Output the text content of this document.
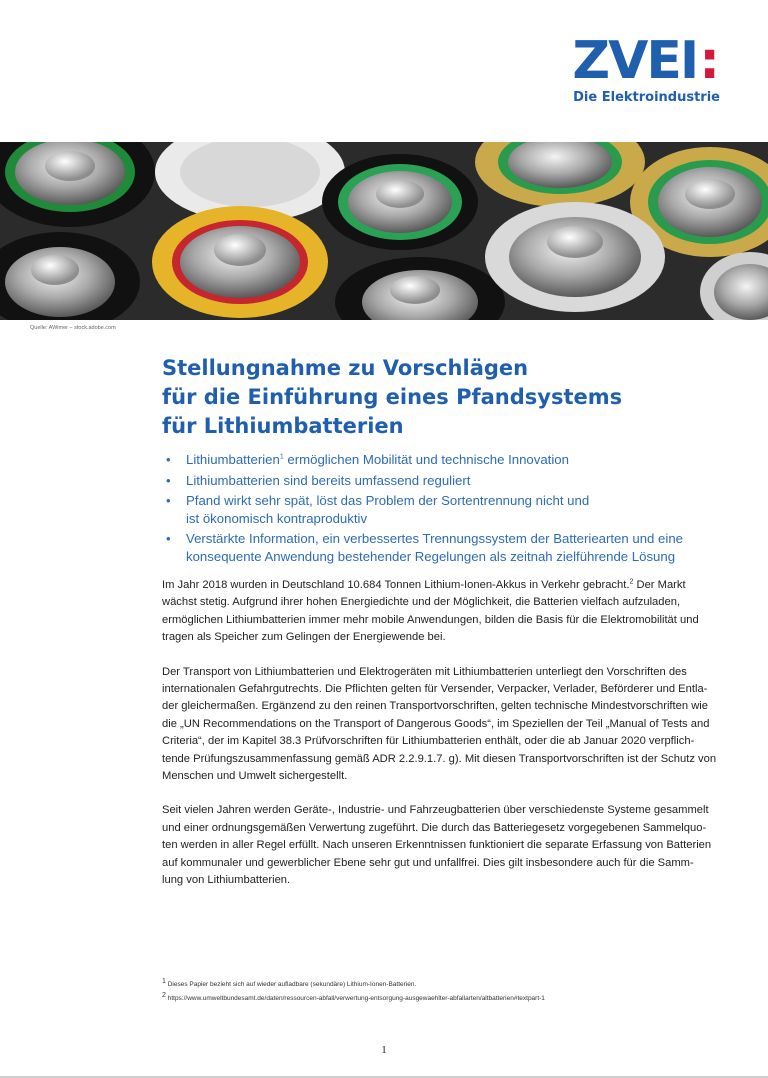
ZVEI :
Die Elektroindustrie
Quelle: AWimer – stock.adobe.com
Stellungnahme zu Vorschlägen
für die Einführung eines Pfandsystems
für Lithiumbatterien
• Lithiumbatterien$^1$ ermöglichen Mobilität und technische Innovation
• Lithiumbatterien sind bereits umfassend reguliert
• Pfand wirkt sehr spät, löst das Problem der Sortentrennung nicht und
ist ökonomisch kontraproduktiv
• Verstärkte Information, ein verbessertes Trennungssystem der Batteriearten und eine
konsequente Anwendung bestehender Regelungen als zeitnah zielführende Lösung
Im Jahr 2018 wurden in Deutschland 10.684 Tonnen Lithium-Ionen-Akkus in Verkehr gebracht.$^2$ Der Markt
wächst stetig. Aufgrund ihrer hohen Energiedichte und der Möglichkeit, die Batterien vielfach aufzuladen,
ermöglichen Lithiumbatterien immer mehr mobile Anwendungen, bilden die Basis für die Elektromobilität und
tragen als Speicher zum Gelingen der Energiewende bei.
Der Transport von Lithiumbatterien und Elektrogeräten mit Lithiumbatterien unterliegt den Vorschriften des
internationalen Gefahrgutrechts. Die Pflichten gelten für Versender, Verpacker, Verlader, Beförderer und Entla-
der gleichermaßen. Ergänzend zu den reinen Transportvorschriften, gelten technische Mindestvorschriften wie
die „UN Recommendations on the Transport of Dangerous Goods“, im Speziellen der Teil „Manual of Tests and
Criteria“, der im Kapitel 38.3 Prüfvorschriften für Lithiumbatterien enthält, oder die ab Januar 2020 verpflich-
tende Prüfungszusammenfassung gemäß ADR 2.2.9.1.7. g). Mit diesen Transportvorschriften ist der Schutz von
Menschen und Umwelt sichergestellt.
Seit vielen Jahren werden Geräte-, Industrie- und Fahrzeugbatterien über verschiedenste Systeme gesammelt
und einer ordnungsgemäßen Verwertung zugeführt. Die durch das Batteriegesetz vorgegebenen Sammelquo-
ten werden in aller Regel erfüllt. Nach unseren Erkenntnissen funktioniert die separate Erfassung von Batterien
auf kommunaler und gewerblicher Ebene sehr gut und unfallfrei. Dies gilt insbesondere auch für die Samm-
lung von Lithiumbatterien.
$^1$ Dieses Papier bezieht sich auf wieder aufladbare (sekundäre) Lithium-Ionen-Batterien.
$^2$ https://www.umweltbundesamt.de/daten/ressourcen-abfall/verwertung-entsorgung-ausgewaehlter-abfallarten/altbatterien#textpart-1
1
